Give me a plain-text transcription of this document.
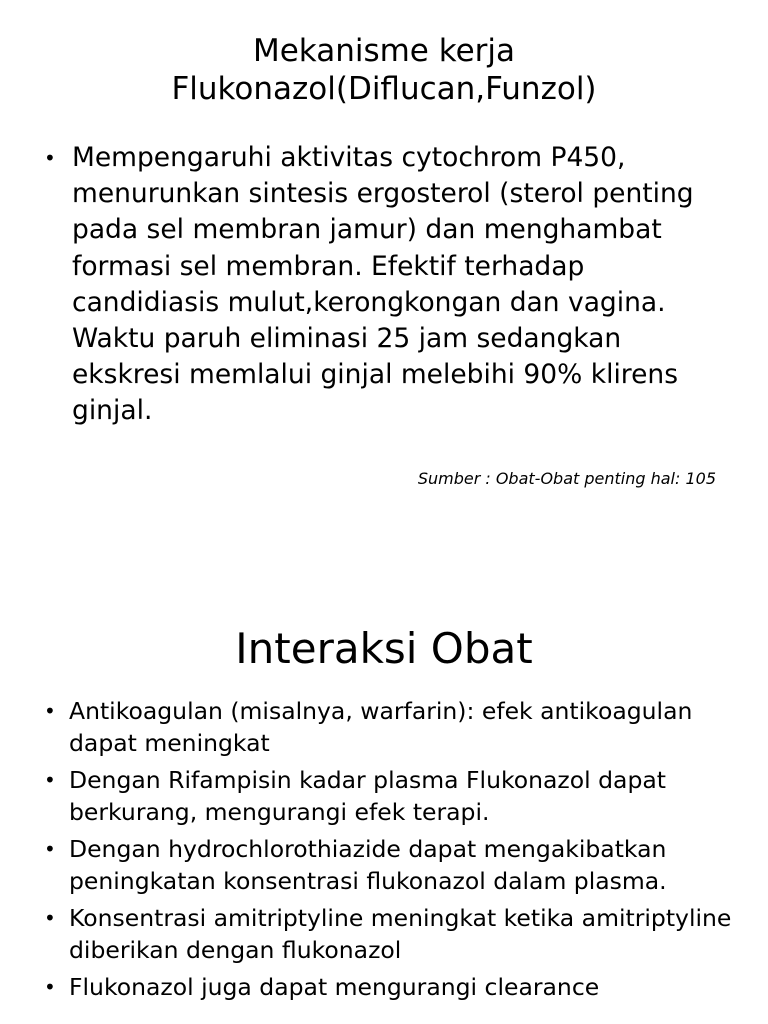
Mekanisme kerja
Flukonazol(Diflucan,Funzol)
• Mempengaruhi aktivitas cytochrom P450, menurunkan sintesis ergosterol (sterol penting pada sel membran jamur) dan menghambat formasi sel membran. Efektif terhadap candidiasis mulut,kerongkongan dan vagina. Waktu paruh eliminasi 25 jam sedangkan ekskresi memlalui ginjal melebihi 90% klirens ginjal.
Sumber : Obat-Obat penting hal: 105
Interaksi Obat
• Antikoagulan (misalnya, warfarin): efek antikoagulan dapat meningkat
• Dengan Rifampisin kadar plasma Flukonazol dapat berkurang, mengurangi efek terapi.
• Dengan hydrochlorothiazide dapat mengakibatkan peningkatan konsentrasi flukonazol dalam plasma.
• Konsentrasi amitriptyline meningkat ketika amitriptyline diberikan dengan flukonazol
• Flukonazol juga dapat mengurangi clearance
